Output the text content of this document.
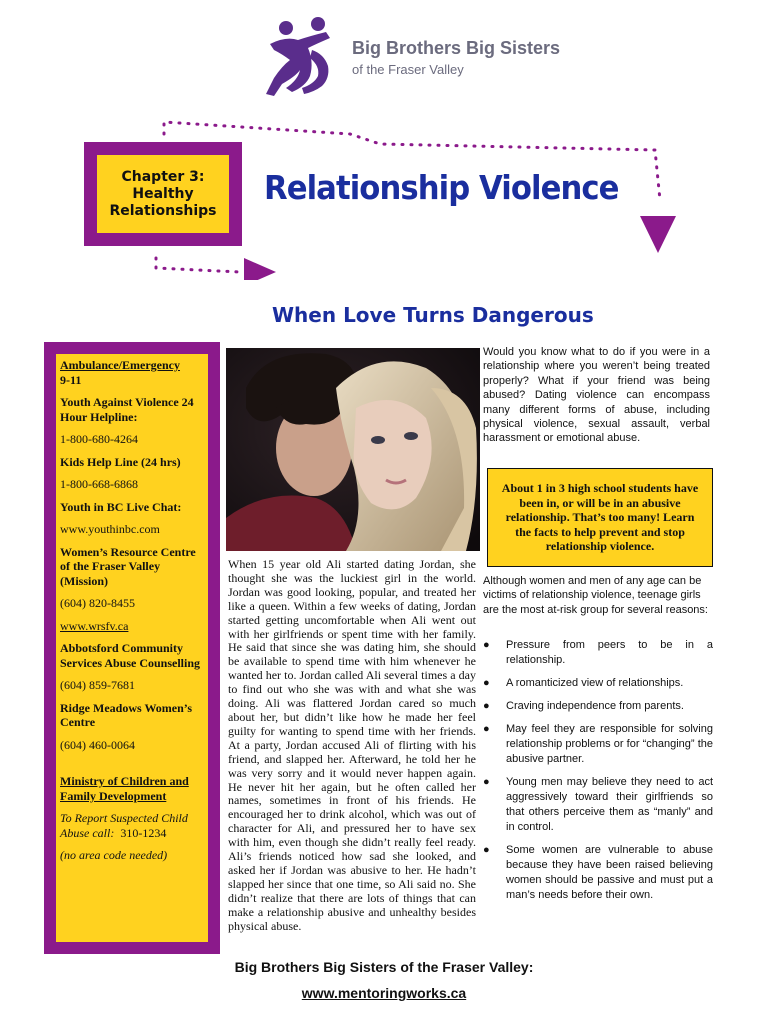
Big Brothers Big Sisters
of the Fraser Valley
Chapter 3:
Healthy
Relationships
Relationship Violence
When Love Turns Dangerous

Ambulance/Emergency

9-11

Youth Against Violence 24 Hour Helpline:

1-800-680-4264

Kids Help Line (24 hrs)

1-800-668-6868

Youth in BC Live Chat:

www.youthinbc.com

Women’s Resource Centre of the Fraser Valley (Mission)

(604) 820-8455

www.wrsfv.ca

Abbotsford Community Services Abuse Counselling

(604) 859-7681

Ridge Meadows Women’s Centre

(604) 460-0064

Ministry of Children and Family Development

To Report Suspected Child Abuse call: 310-1234

(no area code needed)

When 15 year old Ali started dating Jordan, she thought she was the luckiest girl in the world. Jordan was good looking, popular, and treated her like a queen. Within a few weeks of dating, Jordan started getting uncomfortable when Ali went out with her girlfriends or spent time with her family. He said that since she was dating him, she should be available to spend time with him whenever he wanted her to. Jordan called Ali several times a day to find out who she was with and what she was doing. Ali was flattered Jordan cared so much about her, but didn’t like how he made her feel guilty for wanting to spend time with her friends. At a party, Jordan accused Ali of flirting with his friend, and slapped her. Afterward, he told her he was very sorry and it would never happen again. He never hit her again, but he often called her names, sometimes in front of his friends. He encouraged her to drink alcohol, which was out of character for Ali, and pressured her to have sex with him, even though she didn’t really feel ready. Ali’s friends noticed how sad she looked, and asked her if Jordan was abusive to her. He hadn’t slapped her since that one time, so Ali said no. She didn’t realize that there are lots of things that can make a relationship abusive and unhealthy besides physical abuse.
Would you know what to do if you were in a relationship where you weren’t being treated properly? What if your friend was being abused? Dating violence can encompass many different forms of abuse, including physical violence, sexual assault, verbal harassment or emotional abuse.
About 1 in 3 high school students have been in, or will be in an abusive relationship. That’s too many! Learn the facts to help prevent and stop relationship violence.
Although women and men of any age can be victims of relationship violence, teenage girls are the most at-risk group for several reasons:
● Pressure from peers to be in a relationship.
● A romanticized view of relationships.
● Craving independence from parents.
● May feel they are responsible for solving relationship problems or for “changing” the abusive partner.
● Young men may believe they need to act aggressively toward their girlfriends so that others perceive them as “manly” and in control.
● Some women are vulnerable to abuse because they have been raised believing women should be passive and must put a man’s needs before their own.
Big Brothers Big Sisters of the Fraser Valley:
www.mentoringworks.ca
